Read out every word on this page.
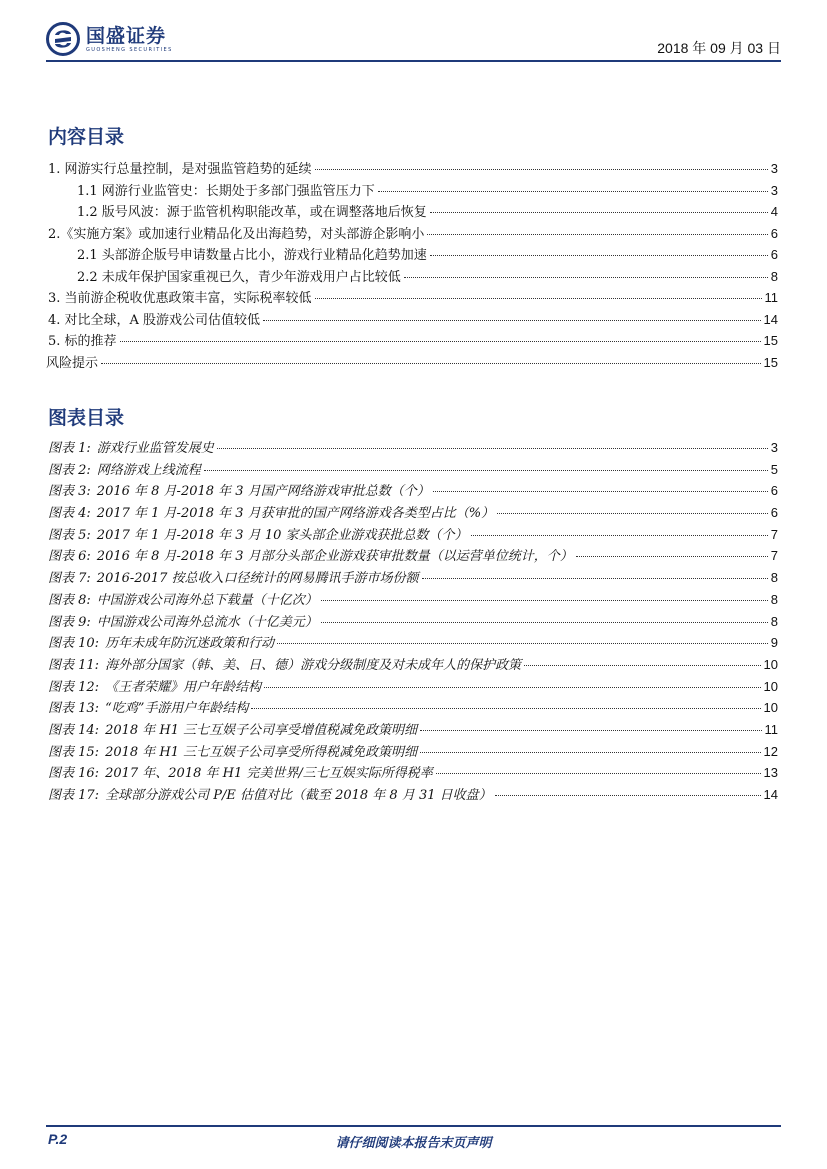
国盛证券
GUOSHENG SECURITIES	2018 年 09 月 03 日
内容目录
1. 网游实行总量控制，是对强监管趋势的延续	3
1.1 网游行业监管史：长期处于多部门强监管压力下	3
1.2 版号风波：源于监管机构职能改革，或在调整落地后恢复	4
2.《实施方案》或加速行业精品化及出海趋势，对头部游企影响小	6
2.1 头部游企版号申请数量占比小，游戏行业精品化趋势加速	6
2.2 未成年保护国家重视已久，青少年游戏用户占比较低	8
3. 当前游企税收优惠政策丰富，实际税率较低	11
4. 对比全球，A 股游戏公司估值较低	14
5. 标的推荐	15
风险提示	15
图表目录
图表 1: 游戏行业监管发展史	3
图表 2: 网络游戏上线流程	5
图表 3: 2016 年 8 月-2018 年 3 月国产网络游戏审批总数（个）	6
图表 4: 2017 年 1 月-2018 年 3 月获审批的国产网络游戏各类型占比（%）	6
图表 5: 2017 年 1 月-2018 年 3 月 10 家头部企业游戏获批总数（个）	7
图表 6: 2016 年 8 月-2018 年 3 月部分头部企业游戏获审批数量（以运营单位统计，个）	7
图表 7: 2016-2017 按总收入口径统计的网易腾讯手游市场份额	8
图表 8: 中国游戏公司海外总下载量（十亿次）	8
图表 9: 中国游戏公司海外总流水（十亿美元）	8
图表 10: 历年未成年防沉迷政策和行动	9
图表 11: 海外部分国家（韩、美、日、德）游戏分级制度及对未成年人的保护政策	10
图表 12: 《王者荣耀》用户年龄结构	10
图表 13: “吃鸡”手游用户年龄结构	10
图表 14: 2018 年 H1 三七互娱子公司享受增值税减免政策明细	11
图表 15: 2018 年 H1 三七互娱子公司享受所得税减免政策明细	12
图表 16: 2017 年、2018 年 H1 完美世界/三七互娱实际所得税率	13
图表 17: 全球部分游戏公司 P/E 估值对比（截至 2018 年 8 月 31 日收盘）	14
P.2	请仔细阅读本报告末页声明
